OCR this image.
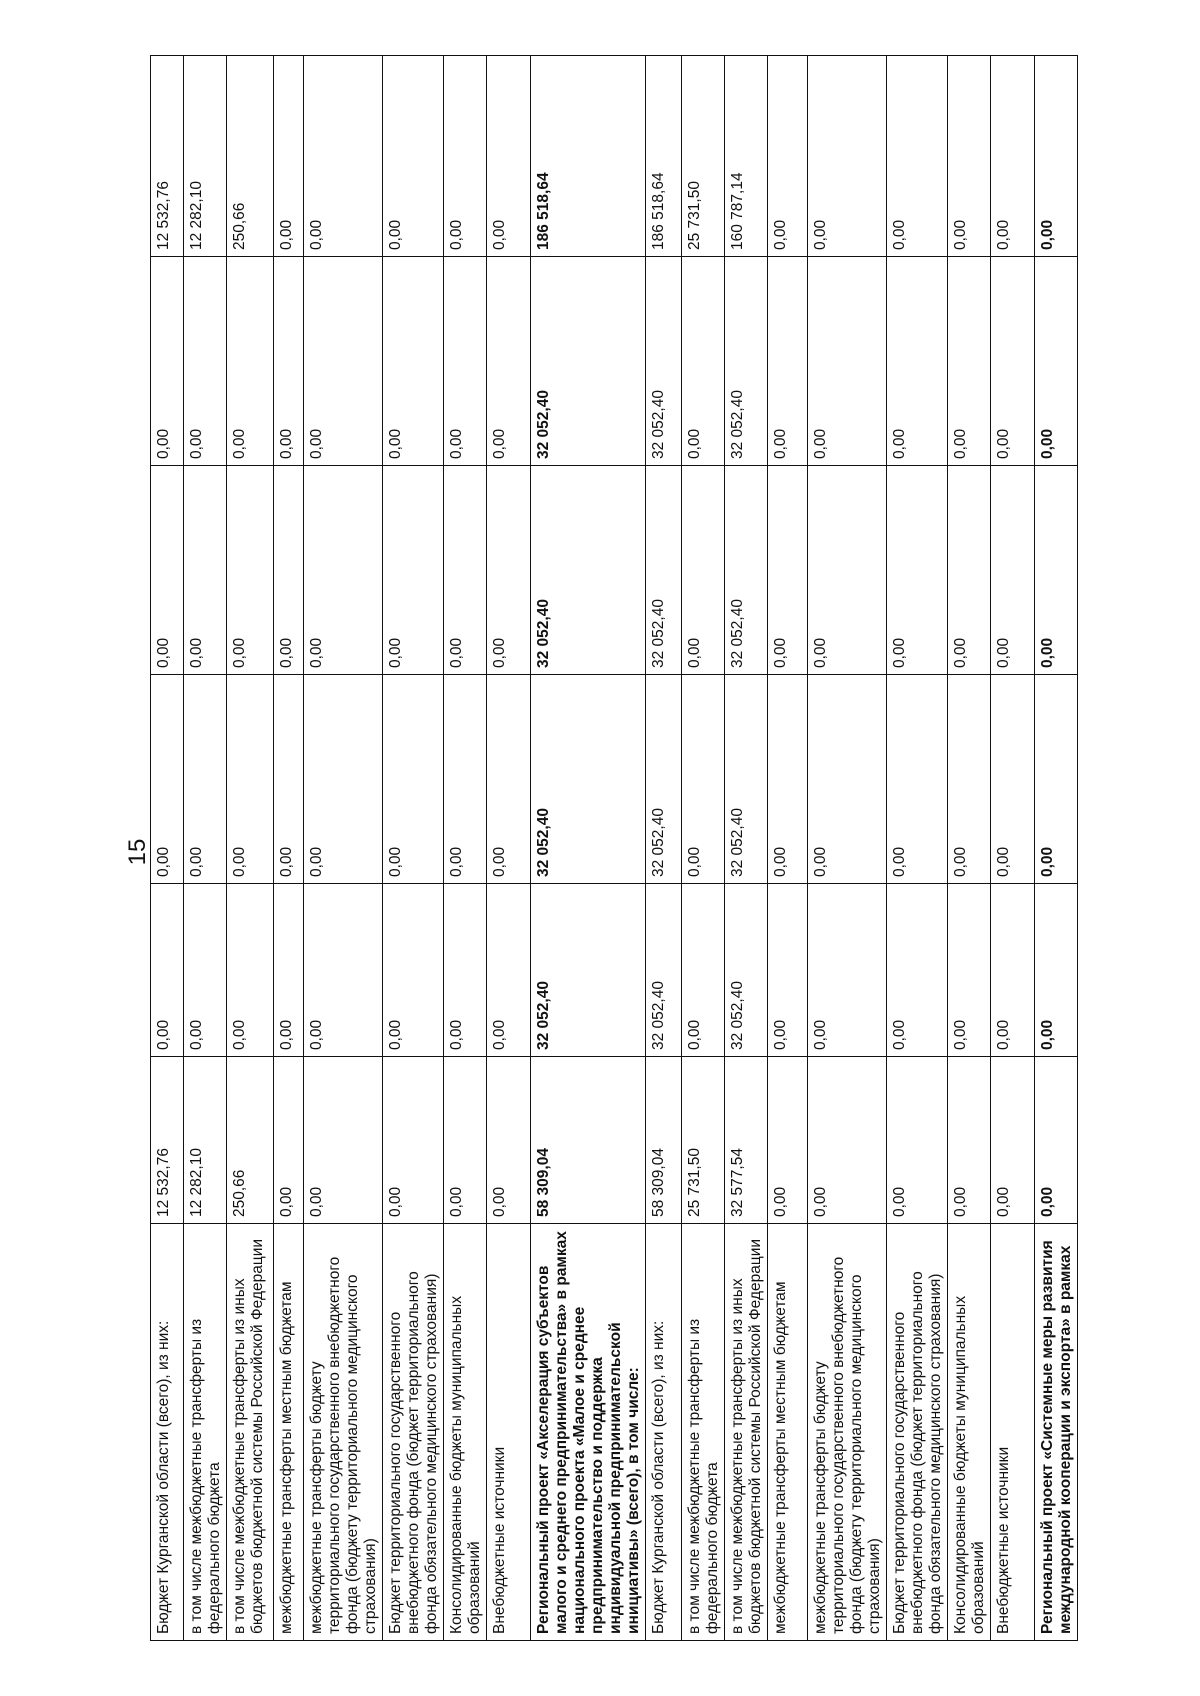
15
Бюджет Курганской области (всего), из них:	12 532,76	0,00	0,00	0,00	0,00	12 532,76
в том числе межбюджетные трансферты из федерального бюджета	12 282,10	0,00	0,00	0,00	0,00	12 282,10
в том числе межбюджетные трансферты из иных бюджетов бюджетной системы Российской Федерации	250,66	0,00	0,00	0,00	0,00	250,66
межбюджетные трансферты местным бюджетам	0,00	0,00	0,00	0,00	0,00	0,00
межбюджетные трансферты бюджету территориального государственного внебюджетного фонда (бюджету территориального медицинского страхования)	0,00	0,00	0,00	0,00	0,00	0,00
Бюджет территориального государственного внебюджетного фонда (бюджет территориального фонда обязательного медицинского страхования)	0,00	0,00	0,00	0,00	0,00	0,00
Консолидированные бюджеты муниципальных образований	0,00	0,00	0,00	0,00	0,00	0,00
Внебюджетные источники	0,00	0,00	0,00	0,00	0,00	0,00
Региональный проект «Акселерация субъектов малого и среднего предпринимательства» в рамках национального проекта «Малое и среднее предпринимательство и поддержка индивидуальной предпринимательской инициативы» (всего), в том числе:	58 309,04	32 052,40	32 052,40	32 052,40	32 052,40	186 518,64
Бюджет Курганской области (всего), из них:	58 309,04	32 052,40	32 052,40	32 052,40	32 052,40	186 518,64
в том числе межбюджетные трансферты из федерального бюджета	25 731,50	0,00	0,00	0,00	0,00	25 731,50
в том числе межбюджетные трансферты из иных бюджетов бюджетной системы Российской Федерации	32 577,54	32 052,40	32 052,40	32 052,40	32 052,40	160 787,14
межбюджетные трансферты местным бюджетам	0,00	0,00	0,00	0,00	0,00	0,00
межбюджетные трансферты бюджету территориального государственного внебюджетного фонда (бюджету территориального медицинского страхования)	0,00	0,00	0,00	0,00	0,00	0,00
Бюджет территориального государственного внебюджетного фонда (бюджет территориального фонда обязательного медицинского страхования)	0,00	0,00	0,00	0,00	0,00	0,00
Консолидированные бюджеты муниципальных образований	0,00	0,00	0,00	0,00	0,00	0,00
Внебюджетные источники	0,00	0,00	0,00	0,00	0,00	0,00
Региональный проект «Системные меры развития международной кооперации и экспорта» в рамках	0,00	0,00	0,00	0,00	0,00	0,00
